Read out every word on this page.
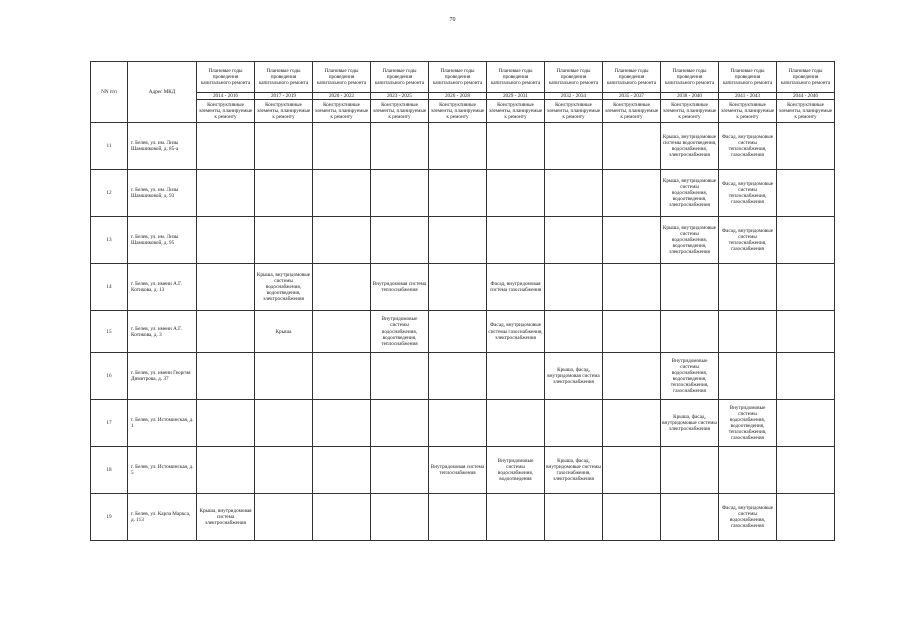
70
NN п/п	Адрес МКД	Плановые годы проведения капитального ремонта	Плановые годы проведения капитального ремонта	Плановые годы проведения капитального ремонта	Плановые годы проведения капитального ремонта	Плановые годы проведения капитального ремонта	Плановые годы проведения капитального ремонта	Плановые годы проведения капитального ремонта	Плановые годы проведения капитального ремонта	Плановые годы проведения капитального ремонта	Плановые годы проведения капитального ремонта	Плановые годы проведения капитального ремонта
		2014 - 2016	2017 - 2019	2020 - 2022	2023 - 2025	2026 - 2028	2029 - 2031	2032 - 2034	2035 - 2037	2038 - 2040	2041 - 2043	2044 - 2046
		Конструктивные элементы, планируемые к ремонту	Конструктивные элементы, планируемые к ремонту	Конструктивные элементы, планируемые к ремонту	Конструктивные элементы, планируемые к ремонту	Конструктивные элементы, планируемые к ремонту	Конструктивные элементы, планируемые к ремонту	Конструктивные элементы, планируемые к ремонту	Конструктивные элементы, планируемые к ремонту	Конструктивные элементы, планируемые к ремонту	Конструктивные элементы, планируемые к ремонту	Конструктивные элементы, планируемые к ремонту
11	г. Белев, ул. им. Лизы Шамшиковой, д. 85-а									Крыша, внутридомовые системы водоотведения, водоснабжения, электроснабжения	Фасад, внутридомовые системы теплоснабжения, газоснабжения	
12	г. Белев, ул. им. Лизы Шамшиковой, д. 93									Крыша, внутридомовые системы водоснабжения, водоотведения, электроснабжения	Фасад, внутридомовые системы теплоснабжения, газоснабжения	
13	г. Белев, ул. им. Лизы Шамшиковой, д. 95									Крыша, внутридомовые системы водоснабжения, водоотведения, электроснабжения	Фасад, внутридомовые системы теплоснабжения, газоснабжения	
14	г. Белев, ул. имени А.Г. Котикова, д. 13		Крыша, внутридомовые системы водоснабжения, водоотведения, электроснабжения		Внутридомовая система теплоснабжения		Фасад, внутридомовая система газоснабжения					
15	г. Белев, ул. имени А.Г. Котикова, д. 3		Крыша		Внутридомовые системы водоснабжения, водоотведения, теплоснабжения		Фасад, внутридомовые системы газоснабжения, электроснабжения					
16	г. Белев, ул. имени Георгия Димитрова, д. 37							Крыша, фасад, внутридомовая система электроснабжения		Внутридомовые системы водоснабжения, водоотведения, теплоснабжения, газоснабжения		
17	г. Белев, ул. Истоминская, д. 1									Крыша, фасад, внутридомовые системы электроснабжения	Внутридомовые системы водоснабжения, водоотведения, теплоснабжения, газоснабжения	
18	г. Белев, ул. Истоминская, д. 5					Внутридомовая система теплоснабжения	Внутридомовые системы водоснабжения, водоотведения	Крыша, фасад, внутридомовые системы газоснабжения, электроснабжения				
19	г. Белев, ул. Карла Маркса, д. 113	Крыша, внутридомовая система электроснабжения									Фасад, внутридомовые системы водоснабжения, газоснабжения	
